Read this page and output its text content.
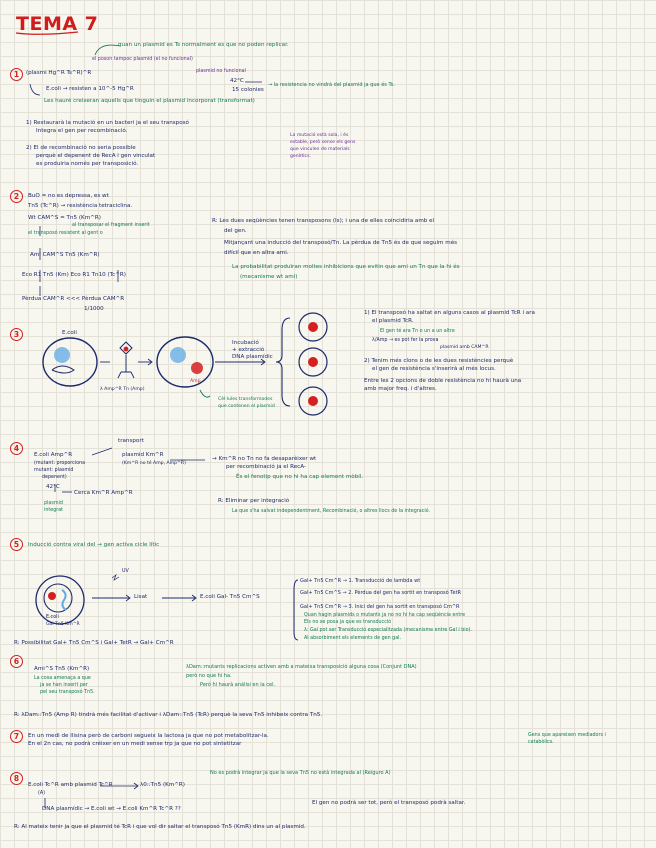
TEMA 7
1
quan un plasmid es Ts normalment es que no poden replicar.
el poson tampoc plasmid (el no funcional)
plasmid no funcional
(plasmi Hg^R Ts^R)^R
E.coli → resisten a 10^-5 Hg^R
42°C
15 colonies
→ la resistencia no vindrà del plasmid ja que és Ts.
Les hauré creixeran aquells que tinguin el plasmid incorporat (transformat)
1) Restaurarà la mutació en un bacteri ja el seu transposó
Integra el gen per recombinació.
La mutació està sola, i és estable, però sense els gens que vinculen de materials genètics.
2) El de recombinació no seria possible
perquè el depenent de RecA i gen vinculat
es produiria només per transposició.
2	BuO = no es depressa, es wt
Tn5 (Tc^R) → resistència tetraciclina.
Wt CAM^S = Tn5 (Km^R)
al transposar el fragment inserit
el transposó resistent al gent o
Ami CAM^S Tn5 (Km^R)
Eco R1 Tn5 (Km) Eco R1 Tn10 (Tc^R)
Pèrdua CAM^R <<< Pèrdua CAM^R
1/1000
R: Les dues seqüències tenen transposons (Is); i una de elles coincidiria amb el
del gen.
Mitjançant una inducció del transposó/Tn. La pèrdua de Tn5 és de que seguim més
difícil que en altra ami.
La probabilitat produïran moltes inhibicions que evitin que ami un Tn que la hi és
(mecanisme wt ami)
3	E.coli
Amp
λ Amp^R Tn (Amp)
Incubació
+ extracció
DNA plasmídic
Cèl·lules transformades que contenen el plasmid
1) El transposó ha saltat en alguns casos al plasmid TcR i ara
el plasmid TcR.
El gen té ara Tn o un a un altre
λ/Amp → es pot fer la prova
plasmid amb CAM^R
2) Tenim més clons o de les dues resistències perquè
el gen de resistència s'inserirà al més locus.
Entre les 2 opcions de doble resistència no hi haurà una
amb major freq. i d'altres.
4
E.coli Amp^R
(mutant: proporciona
mutant: plasmid
depenent)
transport
plasmid Km^R
(Km^R no té Amp, Amp^R)
42°C
Cerca Km^R Amp^R
plasmid
integrat
→ Km^R no Tn no fa desaparèixer wt
per recombinació ja el RecA-
És el fenotip que no hi ha cap element mòbil.
R: Eliminar per integració
La que s'ha salvat independentment, Recombinació, o altres llocs de la integració.
5	Inducció contra viral del → gen activa cicle lític
UV
E.coli
Gal Tn5 Km^R
Lisat	E.coli Gal- Tn5 Cm^S
Gal+ Tn5 Cm^R → 1. Transducció de lambda wt
Gal+ Tn5 Cm^S → 2. Pèrdua del gen ha sortit en transposó TetR
Gal+ Tn5 Cm^R → 3. Inici del gen ha sortit en transposó Cm^R
Quan hagin plasmids o mutants ja no no hi ha cap seqüència entre
Els no se posa ja que es transducció
λ: Gal pot ser Transducció especialitzada (mecanisme entre Gal i bio).
Al absorbiment els elements de gen gal.
R: Possibilitat Gal+ Tn5 Cm^S i Gal+ TetR → Gal+ Cm^R
6
Ami^S Tn5 (Km^R)
La cosa amenaça a que
ja se han inserit per
pel seu transposó Tn5.
λDam::mutants replicacions activen amb a mateixa transposició alguna cosa (Conjunt DNA)
però no que hi ha.
Però hi haurà anàlisi en la cel.
R: λDam::Tn5 (Amp R) tindrà més facilitat d'activar i λDam::Tn5 (TcR) perquè la seva Tn5 inhibeix contra Tn5.
7	En un medi de llisina però de carboni segueix la lactosa ja que no pot metabolitzar-la.
En el 2n cas, no podrà créixer en un medi sense trp ja que no pot sintetitzar
Gens que apareixen mediadors i catabòlics.
8
E.coli Tc^R amb plasmid Tc^R
(A)
λ0::Tn5 (Km^R)
No es podrà integrar ja que la seva Tn5 no està integrada al (Reiguro A)
DNA plasmídic → E.coli wt → E.coli Km^R Tc^R ??
El gen no podrà ser tot, però el transposó podrà saltar.
R: Al mateix tenir ja que el plasmid té TcR i que vol dir saltar el transposó Tn5 (KmR) dins un al plasmid.
